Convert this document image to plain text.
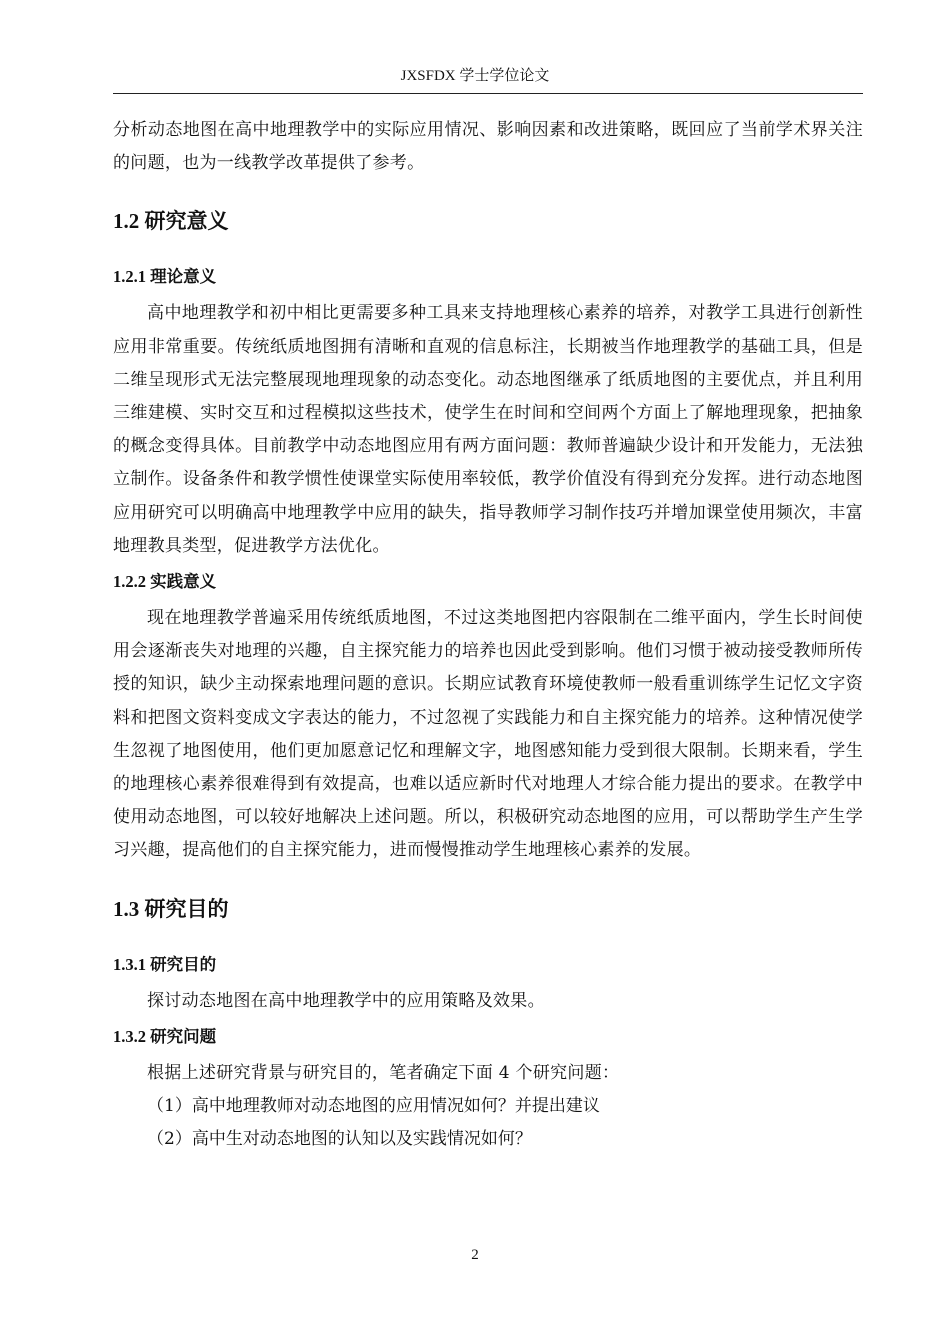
JXSFDX 学士学位论文

分析动态地图在高中地理教学中的实际应用情况、影响因素和改进策略，既回应了当前学术界关注的问题，也为一线教学改革提供了参考。

1.2 研究意义
1.2.1 理论意义

高中地理教学和初中相比更需要多种工具来支持地理核心素养的培养，对教学工具进行创新性应用非常重要。传统纸质地图拥有清晰和直观的信息标注，长期被当作地理教学的基础工具，但是二维呈现形式无法完整展现地理现象的动态变化。动态地图继承了纸质地图的主要优点，并且利用三维建模、实时交互和过程模拟这些技术，使学生在时间和空间两个方面上了解地理现象，把抽象的概念变得具体。目前教学中动态地图应用有两方面问题：教师普遍缺少设计和开发能力，无法独立制作。设备条件和教学惯性使课堂实际使用率较低，教学价值没有得到充分发挥。进行动态地图应用研究可以明确高中地理教学中应用的缺失，指导教师学习制作技巧并增加课堂使用频次，丰富地理教具类型，促进教学方法优化。

1.2.2 实践意义

现在地理教学普遍采用传统纸质地图，不过这类地图把内容限制在二维平面内，学生长时间使用会逐渐丧失对地理的兴趣，自主探究能力的培养也因此受到影响。他们习惯于被动接受教师所传授的知识，缺少主动探索地理问题的意识。长期应试教育环境使教师一般看重训练学生记忆文字资料和把图文资料变成文字表达的能力，不过忽视了实践能力和自主探究能力的培养。这种情况使学生忽视了地图使用，他们更加愿意记忆和理解文字，地图感知能力受到很大限制。长期来看，学生的地理核心素养很难得到有效提高，也难以适应新时代对地理人才综合能力提出的要求。在教学中使用动态地图，可以较好地解决上述问题。所以，积极研究动态地图的应用，可以帮助学生产生学习兴趣，提高他们的自主探究能力，进而慢慢推动学生地理核心素养的发展。

1.3 研究目的
1.3.1 研究目的

探讨动态地图在高中地理教学中的应用策略及效果。

1.3.2 研究问题

根据上述研究背景与研究目的，笔者确定下面 4 个研究问题：

（1）高中地理教师对动态地图的应用情况如何？并提出建议

（2）高中生对动态地图的认知以及实践情况如何？

2
